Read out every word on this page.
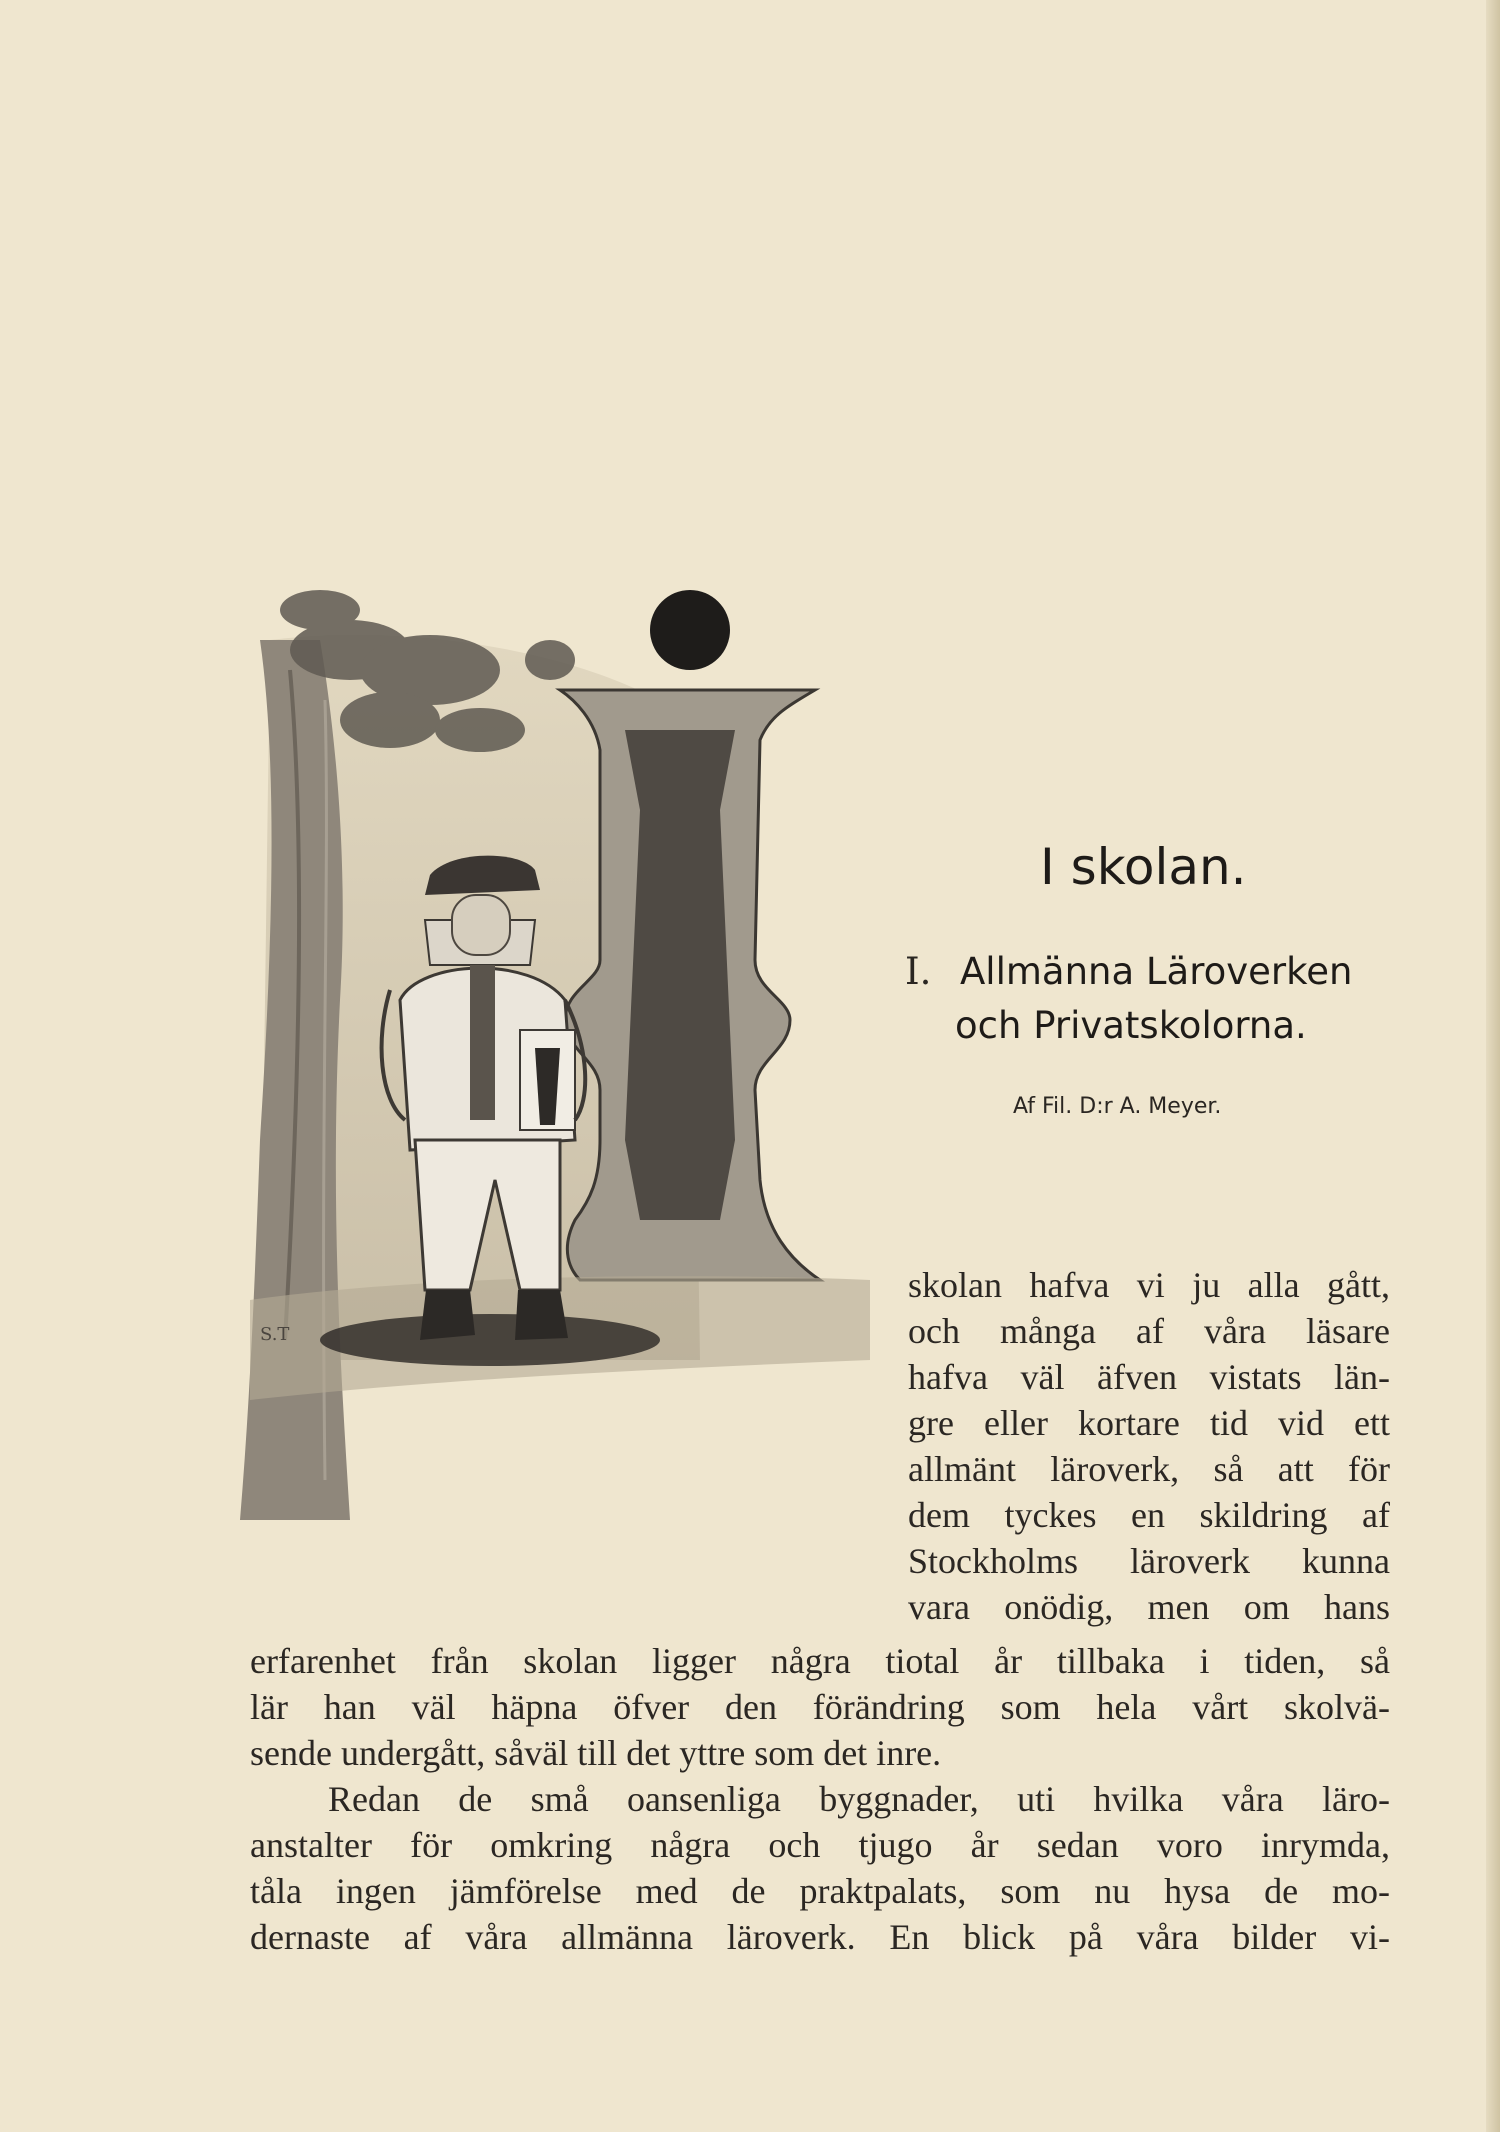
S.T
I skolan.
I. Allmänna Läroverken
och Privatskolorna.
Af Fil. D:r A. Meyer.
skolan hafva vi ju alla gått,
och många af våra läsare
hafva väl äfven vistats län-
gre eller kortare tid vid ett
allmänt läroverk, så att för
dem tyckes en skildring af
Stockholms läroverk kunna
vara onödig, men om hans
erfarenhet från skolan ligger några tiotal år tillbaka i tiden, så
lär han väl häpna öfver den förändring som hela vårt skolvä-
sende undergått, såväl till det yttre som det inre.
Redan de små oansenliga byggnader, uti hvilka våra läro-
anstalter för omkring några och tjugo år sedan voro inrymda,
tåla ingen jämförelse med de praktpalats, som nu hysa de mo-
dernaste af våra allmänna läroverk. En blick på våra bilder vi-
